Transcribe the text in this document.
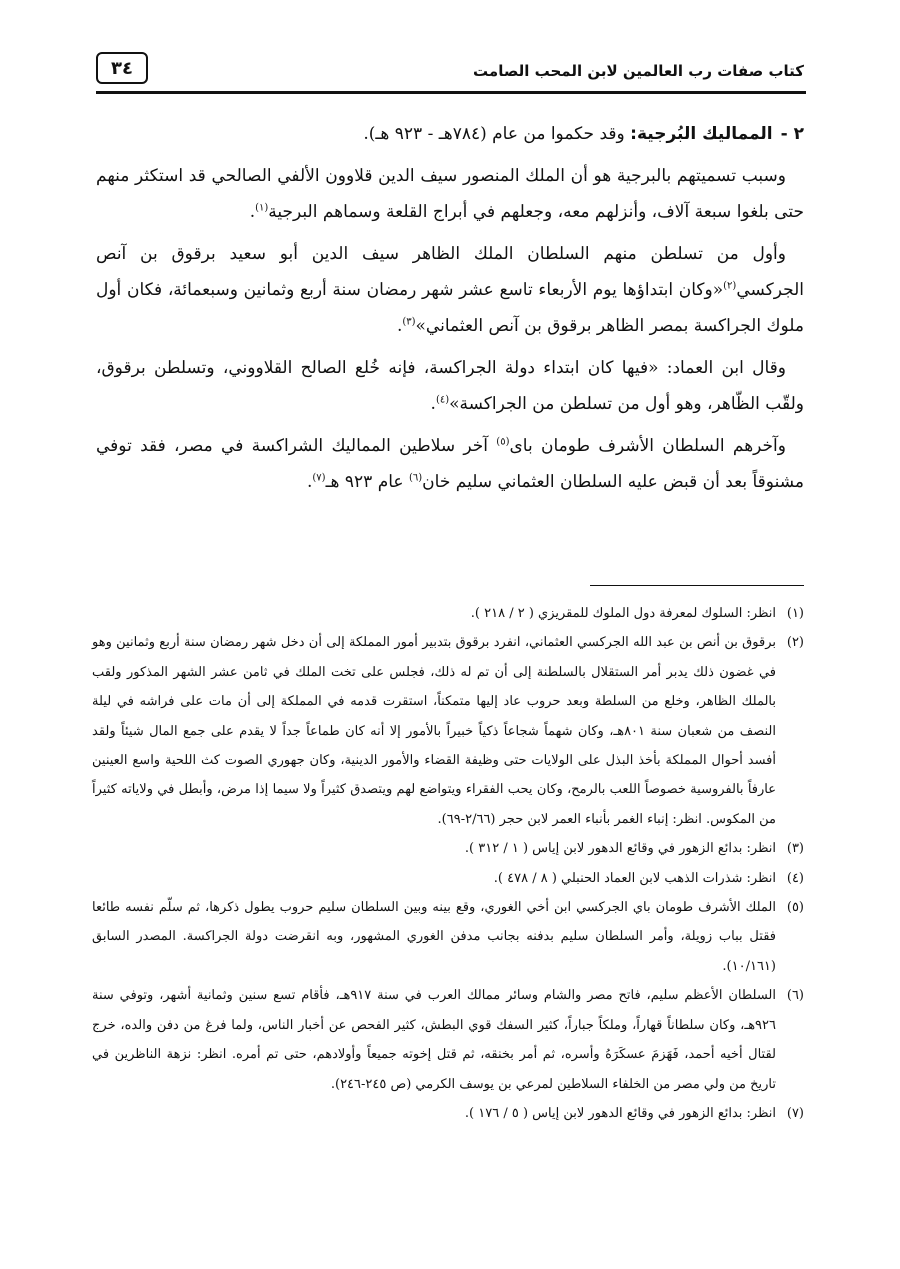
كتاب صفات رب العالمين لابن المحب الصامت
٣٤

٢ -المماليك البُرجية: وقد حكموا من عام (٧٨٤هـ - ٩٢٣ هـ).

وسبب تسميتهم بالبرجية هو أن الملك المنصور سيف الدين قلاوون الألفي الصالحي قد استكثر منهم حتى بلغوا سبعة آلاف، وأنزلهم معه، وجعلهم في أبراج القلعة وسماهم البرجية$^{(١)}$.

وأول من تسلطن منهم السلطان الملك الظاهر سيف الدين أبو سعيد برقوق بن آنص الجركسي$^{(٢)}$«وكان ابتداؤها يوم الأربعاء تاسع عشر شهر رمضان سنة أربع وثمانين وسبعمائة، فكان أول ملوك الجراكسة بمصر الظاهر برقوق بن آنص العثماني»$^{(٣)}$.

وقال ابن العماد: «فيها كان ابتداء دولة الجراكسة، فإنه خُلع الصالح القلاووني، وتسلطن برقوق، ولقّب الظّاهر، وهو أول من تسلطن من الجراكسة»$^{(٤)}$.

وآخرهم السلطان الأشرف طومان باى$^{(٥)}$ آخر سلاطين المماليك الشراكسة في مصر، فقد توفي مشنوقاً بعد أن قبض عليه السلطان العثماني سليم خان$^{(٦)}$ عام ٩٢٣ هـ$^{(٧)}$.

(١)انظر: السلوك لمعرفة دول الملوك للمقريزي ( ٢ / ٢١٨ ).

(٢)برقوق بن أنص بن عبد الله الجركسي العثماني، انفرد برقوق بتدبير أمور المملكة إلى أن دخل شهر رمضان سنة أربع وثمانين وهو في غضون ذلك يدبر أمر الستقلال بالسلطنة إلى أن تم له ذلك، فجلس على تخت الملك في ثامن عشر الشهر المذكور ولقب بالملك الظاهر، وخلع من السلطة وبعد حروب عاد إليها متمكناً، استقرت قدمه في المملكة إلى أن مات على فراشه في ليلة النصف من شعبان سنة ٨٠١هـ، وكان شهماً شجاعاً ذكياً خبيراً بالأمور إلا أنه كان طماعاً جداً لا يقدم على جمع المال شيئاً ولقد أفسد أحوال المملكة بأخذ البذل على الولايات حتى وظيفة القضاء والأمور الدينية، وكان جهوري الصوت كث اللحية واسع العينين عارفاً بالفروسية خصوصاً اللعب بالرمح، وكان يحب الفقراء ويتواضع لهم ويتصدق كثيراً ولا سيما إذا مرض، وأبطل في ولاياته كثيراً من المكوس. انظر: إنباء الغمر بأنباء العمر لابن حجر (٢/٦٦-٦٩).

(٣)انظر: بدائع الزهور في وقائع الدهور لابن إياس ( ١ / ٣١٢ ).

(٤)انظر: شذرات الذهب لابن العماد الحنبلي ( ٨ / ٤٧٨ ).

(٥)الملك الأشرف طومان باي الجركسي ابن أخي الغوري، وقع بينه وبين السلطان سليم حروب يطول ذكرها، ثم سلّم نفسه طائعا فقتل بباب زويلة، وأمر السلطان سليم بدفنه بجانب مدفن الغوري المشهور، وبه انقرضت دولة الجراكسة. المصدر السابق (١٠/١٦١).

(٦)السلطان الأعظم سليم، فاتح مصر والشام وسائر ممالك العرب في سنة ٩١٧هـ، فأقام تسع سنين وثمانية أشهر، وتوفي سنة ٩٢٦هـ، وكان سلطاناً قهاراً، وملكاً جباراً، كثير السفك قوي البطش، كثير الفحص عن أخبار الناس، ولما فرغ من دفن والده، خرج لقتال أخيه أحمد، فَهَزمَ عسكَرَهُ وأسره، ثم أمر بخنقه، ثم قتل إخوته جميعاً وأولادهم، حتى تم أمره. انظر: نزهة الناظرين في تاريخ من ولي مصر من الخلفاء السلاطين لمرعي بن يوسف الكرمي (ص ٢٤٥-٢٤٦).

(٧)انظر: بدائع الزهور في وقائع الدهور لابن إياس ( ٥ / ١٧٦ ).
